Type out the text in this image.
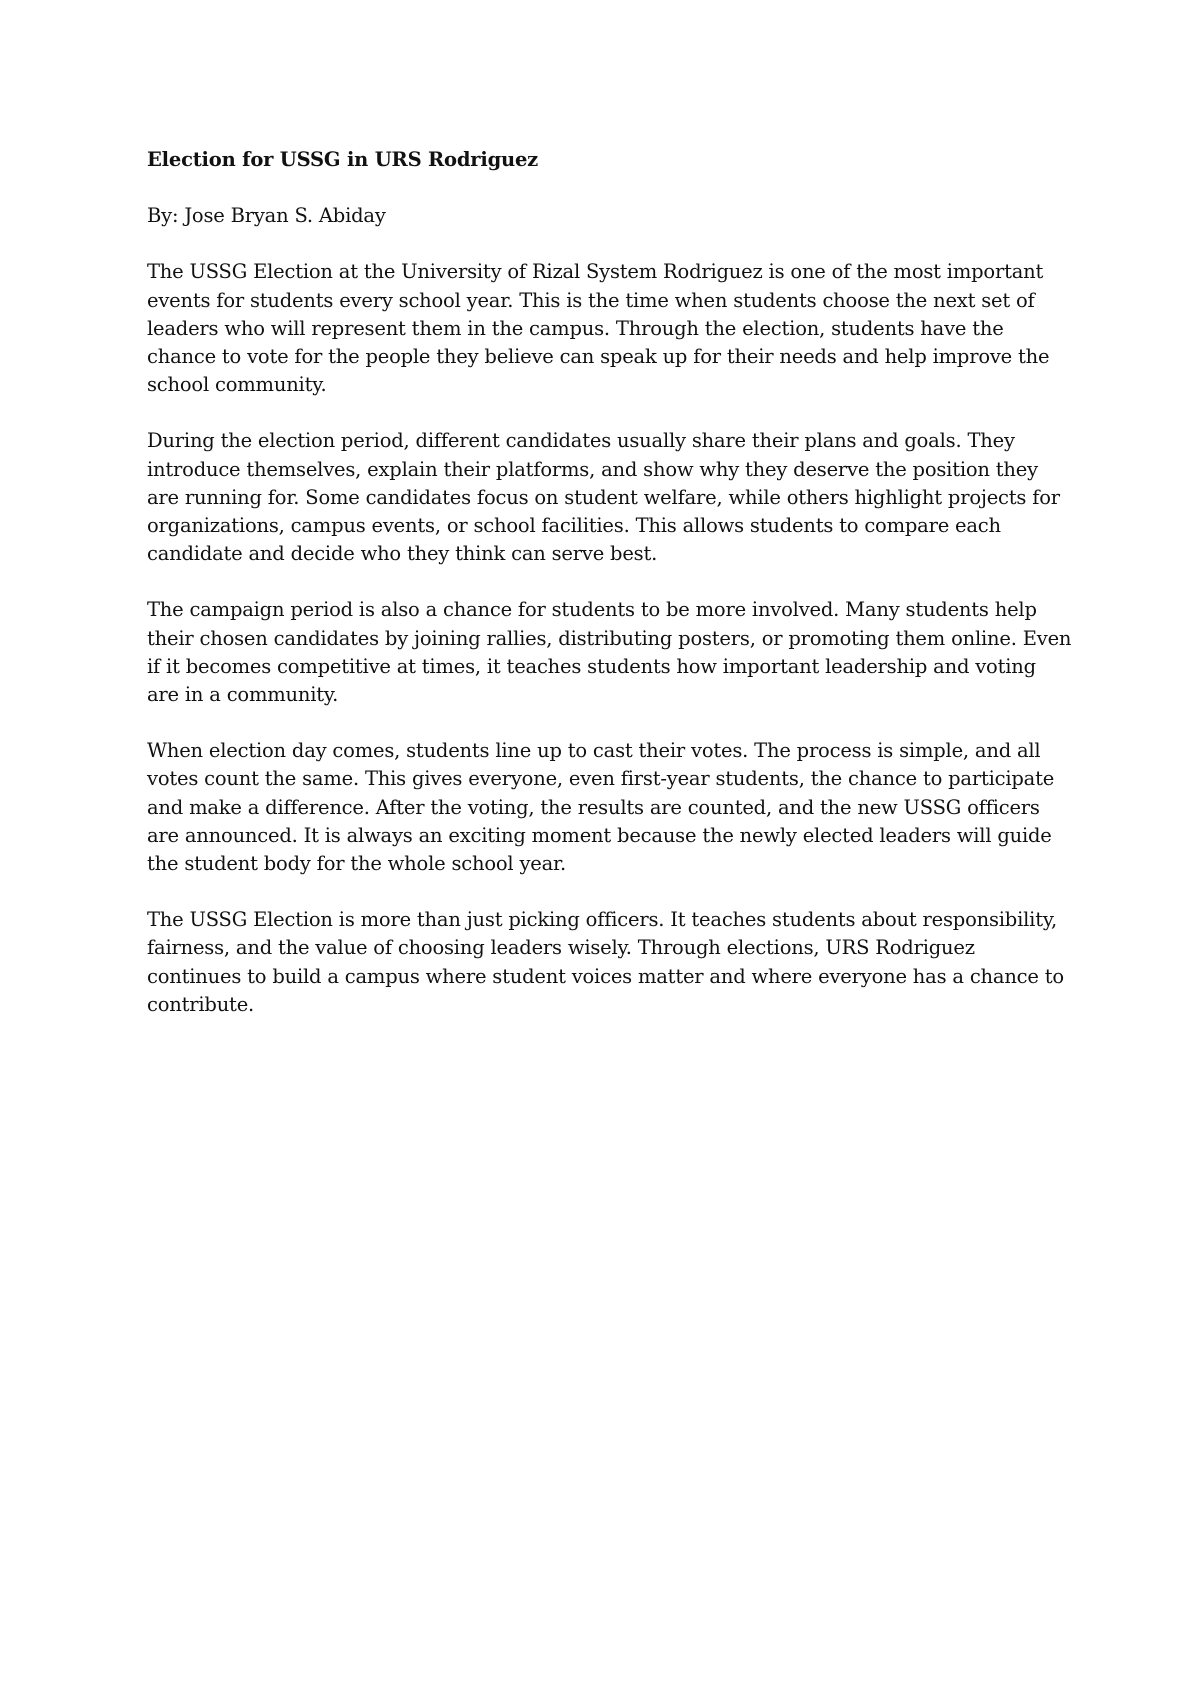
Election for USSG in URS Rodriguez
By: Jose Bryan S. Abiday

The USSG Election at the University of Rizal System Rodriguez is one of the most important events for students every school year. This is the time when students choose the next set of leaders who will represent them in the campus. Through the election, students have the chance to vote for the people they believe can speak up for their needs and help improve the school community.

During the election period, different candidates usually share their plans and goals. They introduce themselves, explain their platforms, and show why they deserve the position they are running for. Some candidates focus on student welfare, while others highlight projects for organizations, campus events, or school facilities. This allows students to compare each candidate and decide who they think can serve best.

The campaign period is also a chance for students to be more involved. Many students help their chosen candidates by joining rallies, distributing posters, or promoting them online. Even if it becomes competitive at times, it teaches students how important leadership and voting are in a community.

When election day comes, students line up to cast their votes. The process is simple, and all votes count the same. This gives everyone, even first-year students, the chance to participate and make a difference. After the voting, the results are counted, and the new USSG officers are announced. It is always an exciting moment because the newly elected leaders will guide the student body for the whole school year.

The USSG Election is more than just picking officers. It teaches students about responsibility, fairness, and the value of choosing leaders wisely. Through elections, URS Rodriguez continues to build a campus where student voices matter and where everyone has a chance to contribute.
